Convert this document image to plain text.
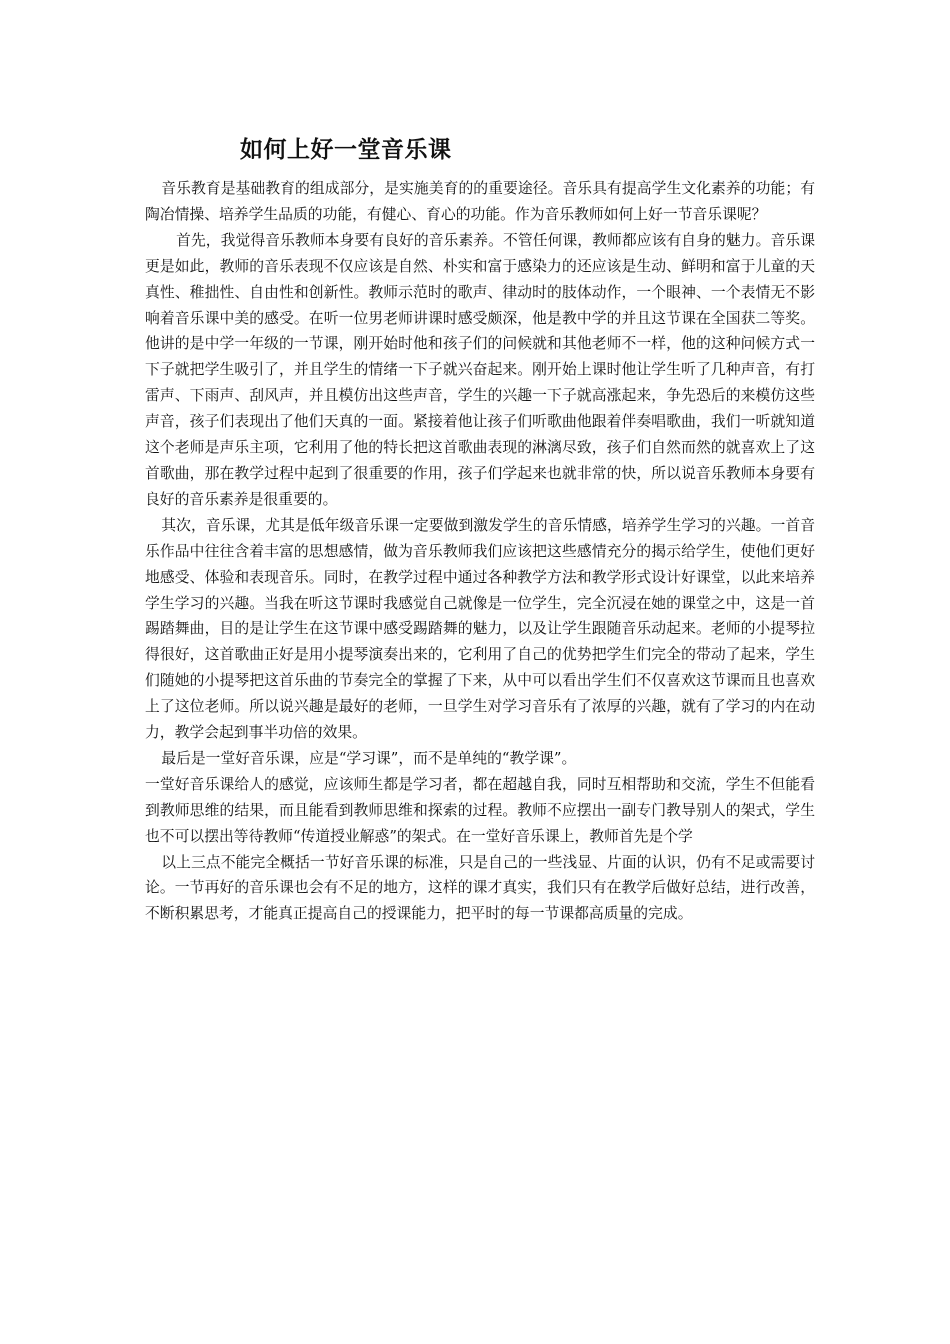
如何上好一堂音乐课

音乐教育是基础教育的组成部分，是实施美育的的重要途径。音乐具有提高学生文化素养的功能；有陶冶情操、培养学生品质的功能，有健心、育心的功能。作为音乐教师如何上好一节音乐课呢？

首先，我觉得音乐教师本身要有良好的音乐素养。不管任何课，教师都应该有自身的魅力。音乐课更是如此，教师的音乐表现不仅应该是自然、朴实和富于感染力的还应该是生动、鲜明和富于儿童的天真性、稚拙性、自由性和创新性。教师示范时的歌声、律动时的肢体动作，一个眼神、一个表情无不影响着音乐课中美的感受。在听一位男老师讲课时感受颇深，他是教中学的并且这节课在全国获二等奖。他讲的是中学一年级的一节课，刚开始时他和孩子们的问候就和其他老师不一样，他的这种问候方式一下子就把学生吸引了，并且学生的情绪一下子就兴奋起来。刚开始上课时他让学生听了几种声音，有打雷声、下雨声、刮风声，并且模仿出这些声音，学生的兴趣一下子就高涨起来，争先恐后的来模仿这些声音，孩子们表现出了他们天真的一面。紧接着他让孩子们听歌曲他跟着伴奏唱歌曲，我们一听就知道这个老师是声乐主项，它利用了他的特长把这首歌曲表现的淋漓尽致，孩子们自然而然的就喜欢上了这首歌曲，那在教学过程中起到了很重要的作用，孩子们学起来也就非常的快，所以说音乐教师本身要有良好的音乐素养是很重要的。

其次，音乐课，尤其是低年级音乐课一定要做到激发学生的音乐情感，培养学生学习的兴趣。一首音乐作品中往往含着丰富的思想感情，做为音乐教师我们应该把这些感情充分的揭示给学生，使他们更好地感受、体验和表现音乐。同时，在教学过程中通过各种教学方法和教学形式设计好课堂，以此来培养学生学习的兴趣。当我在听这节课时我感觉自己就像是一位学生，完全沉浸在她的课堂之中，这是一首踢踏舞曲，目的是让学生在这节课中感受踢踏舞的魅力，以及让学生跟随音乐动起来。老师的小提琴拉得很好，这首歌曲正好是用小提琴演奏出来的，它利用了自己的优势把学生们完全的带动了起来，学生们随她的小提琴把这首乐曲的节奏完全的掌握了下来，从中可以看出学生们不仅喜欢这节课而且也喜欢上了这位老师。所以说兴趣是最好的老师，一旦学生对学习音乐有了浓厚的兴趣，就有了学习的内在动力，教学会起到事半功倍的效果。

最后是一堂好音乐课，应是“学习课”，而不是单纯的“教学课”。

一堂好音乐课给人的感觉，应该师生都是学习者，都在超越自我，同时互相帮助和交流，学生不但能看到教师思维的结果，而且能看到教师思维和探索的过程。教师不应摆出一副专门教导别人的架式，学生也不可以摆出等待教师“传道授业解惑”的架式。在一堂好音乐课上，教师首先是个学

以上三点不能完全概括一节好音乐课的标准，只是自己的一些浅显、片面的认识，仍有不足或需要讨论。一节再好的音乐课也会有不足的地方，这样的课才真实，我们只有在教学后做好总结，进行改善，不断积累思考，才能真正提高自己的授课能力，把平时的每一节课都高质量的完成。
